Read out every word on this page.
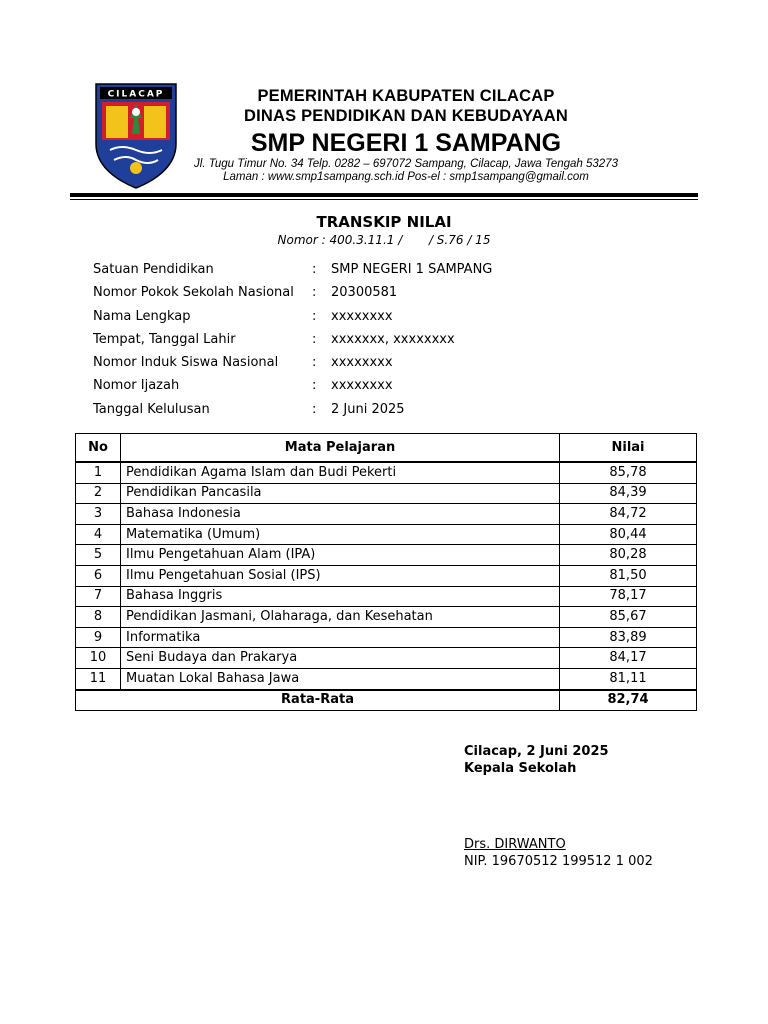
CILACAP	PEMERINTAH KABUPATEN CILACAP
DINAS PENDIDIKAN DAN KEBUDAYAAN
SMP NEGERI 1 SAMPANG
Jl. Tugu Timur No. 34 Telp. 0282 – 697072 Sampang, Cilacap, Jawa Tengah 53273
Laman : www.smp1sampang.sch.id Pos-el : smp1sampang@gmail.com
TRANSKIP NILAI
Nomor : 400.3.11.1 /       / S.76 / 15
Satuan Pendidikan	:	SMP NEGERI 1 SAMPANG
Nomor Pokok Sekolah Nasional	:	20300581
Nama Lengkap	:	xxxxxxxx
Tempat, Tanggal Lahir	:	xxxxxxx, xxxxxxxx
Nomor Induk Siswa Nasional	:	xxxxxxxx
Nomor Ijazah	:	xxxxxxxx
Tanggal Kelulusan	:	2 Juni 2025
No	Mata Pelajaran	Nilai
1	Pendidikan Agama Islam dan Budi Pekerti	85,78
2	Pendidikan Pancasila	84,39
3	Bahasa Indonesia	84,72
4	Matematika (Umum)	80,44
5	Ilmu Pengetahuan Alam (IPA)	80,28
6	Ilmu Pengetahuan Sosial (IPS)	81,50
7	Bahasa Inggris	78,17
8	Pendidikan Jasmani, Olaharaga, dan Kesehatan	85,67
9	Informatika	83,89
10	Seni Budaya dan Prakarya	84,17
11	Muatan Lokal Bahasa Jawa	81,11
Rata-Rata		82,74
Cilacap, 2 Juni 2025
Kepala Sekolah
Drs. DIRWANTO
NIP. 19670512 199512 1 002
